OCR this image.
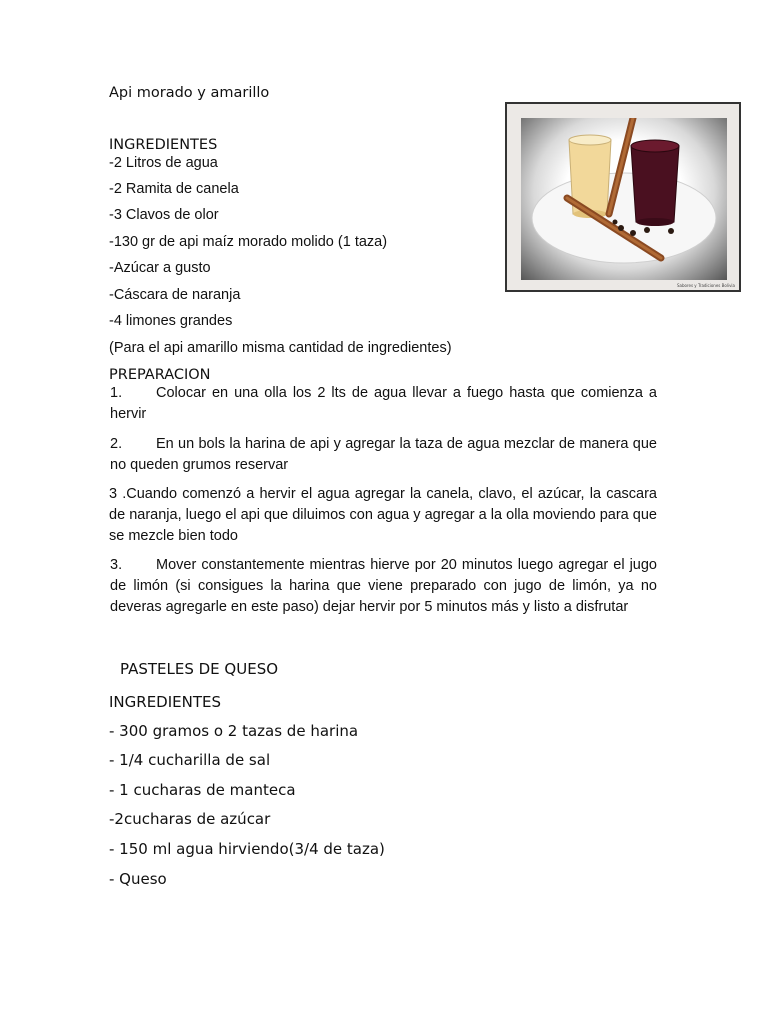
Api morado y amarillo
INGREDIENTES
-2 Litros de agua
-2 Ramita de canela
-3 Clavos de olor
-130 gr de api maíz morado molido (1 taza)
-Azúcar a gusto
-Cáscara de naranja
-4 limones grandes
(Para el api amarillo misma cantidad de ingredientes)
PREPARACION
1. Colocar en una olla los 2 lts de agua llevar a fuego hasta que comienza a hervir
2. En un bols la harina de api y agregar la taza de agua mezclar de manera que no queden grumos reservar
3 .Cuando comenzó a hervir el agua agregar la canela, clavo, el azúcar, la cascara de naranja, luego el api que diluimos con agua y agregar a la olla moviendo para que se mezcle bien todo
3. Mover constantemente mientras hierve por 20 minutos luego agregar el jugo de limón (si consigues la harina que viene preparado con jugo de limón, ya no deveras agregarle en este paso) dejar hervir por 5 minutos más y listo a disfrutar
Sabores y Tradiciones Bolivia
PASTELES DE QUESO
INGREDIENTES
- 300 gramos o 2 tazas de harina
- 1/4 cucharilla de sal
- 1 cucharas de manteca
-2cucharas de azúcar
- 150 ml agua hirviendo(3/4 de taza)
- Queso
